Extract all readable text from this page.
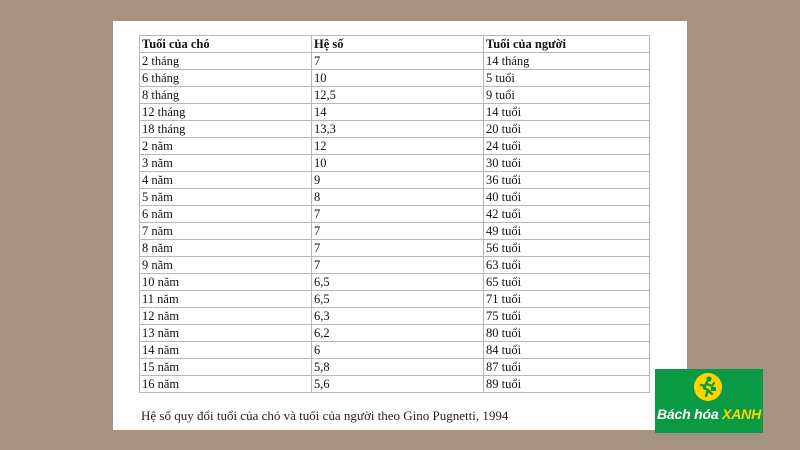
Tuổi của chó	Hệ số	Tuổi của người
2 tháng	7	14 tháng
6 tháng	10	5 tuổi
8 tháng	12,5	9 tuổi
12 tháng	14	14 tuổi
18 tháng	13,3	20 tuổi
2 năm	12	24 tuổi
3 năm	10	30 tuổi
4 năm	9	36 tuổi
5 năm	8	40 tuổi
6 năm	7	42 tuổi
7 năm	7	49 tuổi
8 năm	7	56 tuổi
9 năm	7	63 tuổi
10 năm	6,5	65 tuổi
11 năm	6,5	71 tuổi
12 năm	6,3	75 tuổi
13 năm	6,2	80 tuổi
14 năm	6	84 tuổi
15 năm	5,8	87 tuổi
16 năm	5,6	89 tuổi
Hệ số quy đổi tuổi của chó và tuổi của người theo Gino Pugnetti, 1994	Bách hóa XANH
